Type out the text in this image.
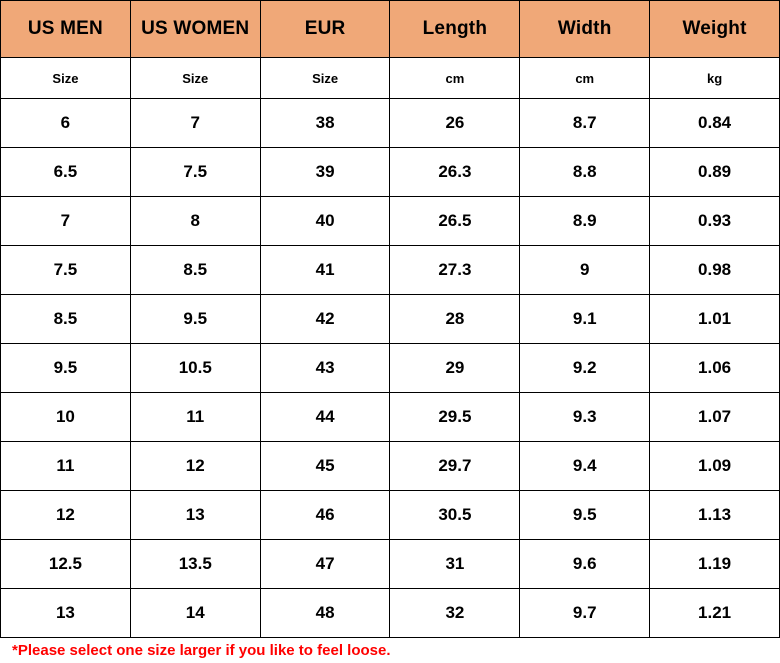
US MEN	US WOMEN	EUR	Length	Width	Weight
Size	Size	Size	cm	cm	kg
6	7	38	26	8.7	0.84
6.5	7.5	39	26.3	8.8	0.89
7	8	40	26.5	8.9	0.93
7.5	8.5	41	27.3	9	0.98
8.5	9.5	42	28	9.1	1.01
9.5	10.5	43	29	9.2	1.06
10	11	44	29.5	9.3	1.07
11	12	45	29.7	9.4	1.09
12	13	46	30.5	9.5	1.13
12.5	13.5	47	31	9.6	1.19
13	14	48	32	9.7	1.21
*Please select one size larger if you like to feel loose.
